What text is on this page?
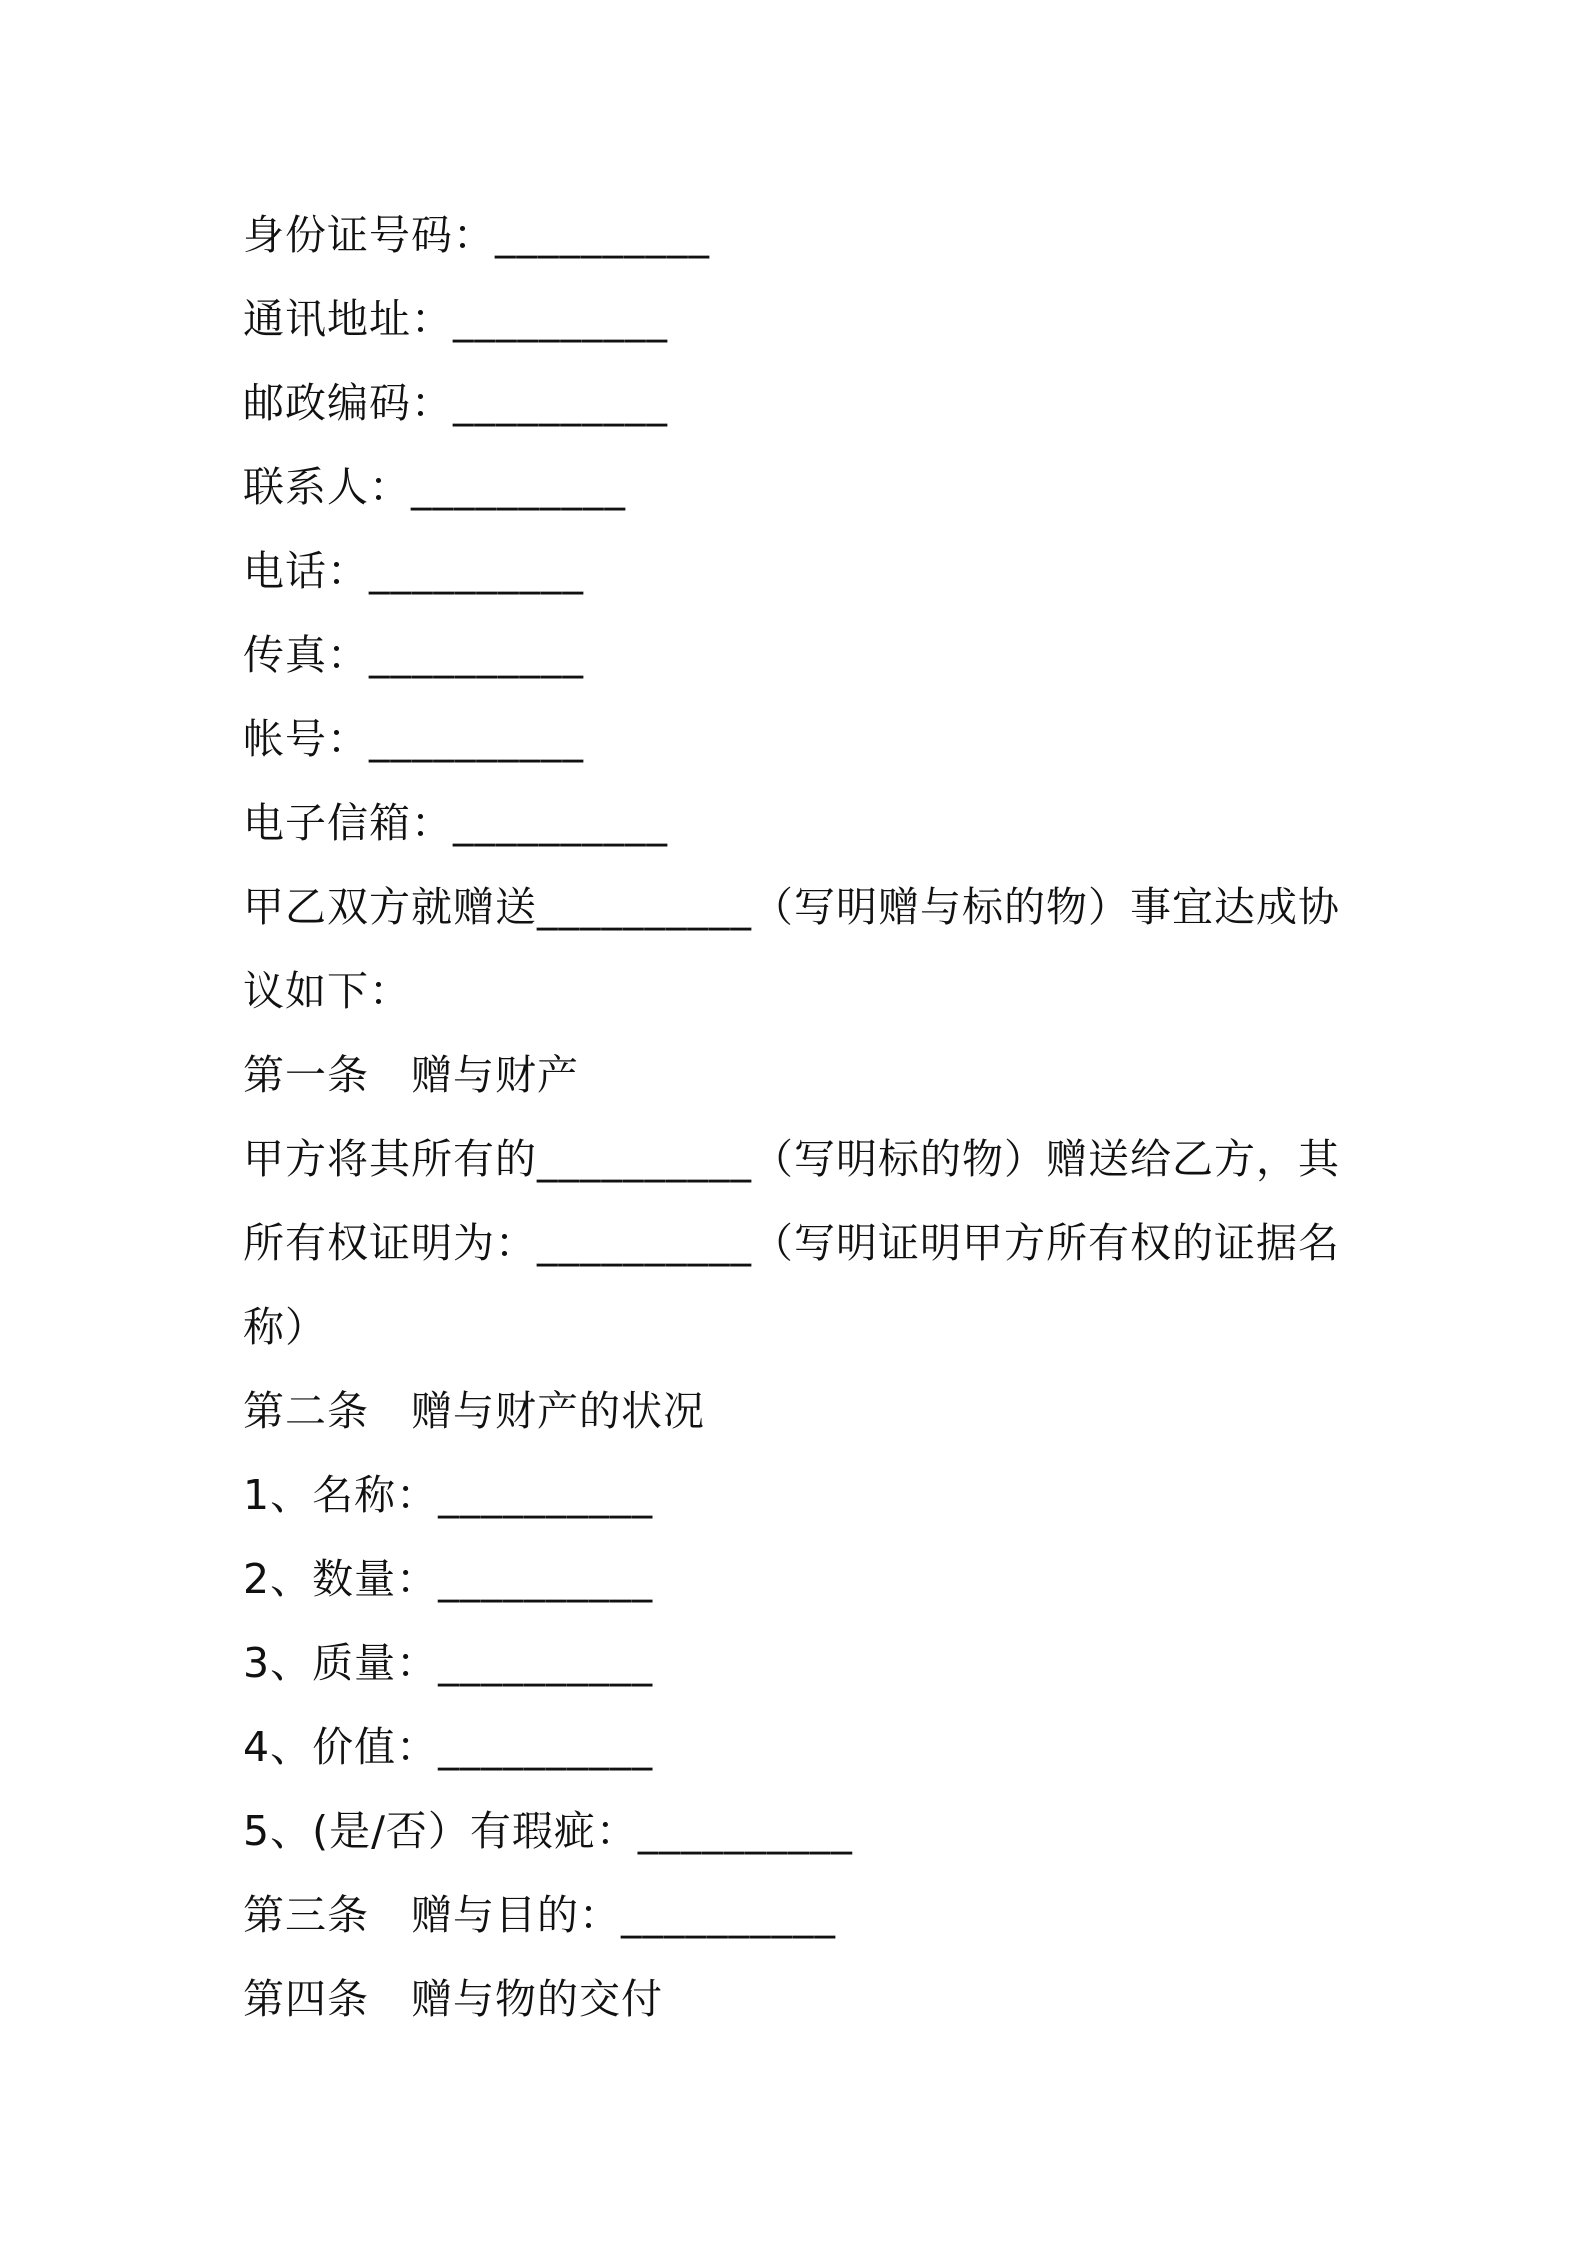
身份证号码：__________
通讯地址：__________
邮政编码：__________
联系人：__________
电话：__________
传真：__________
帐号：__________
电子信箱：__________
甲乙双方就赠送__________（写明赠与标的物）事宜达成协议如下：
第一条 赠与财产
甲方将其所有的__________（写明标的物）赠送给乙方，其所有权证明为：__________（写明证明甲方所有权的证据名称）
第二条 赠与财产的状况
1、名称：__________
2、数量：__________
3、质量：__________
4、价值：__________
5、(是/否）有瑕疵：__________
第三条 赠与目的：__________
第四条 赠与物的交付
